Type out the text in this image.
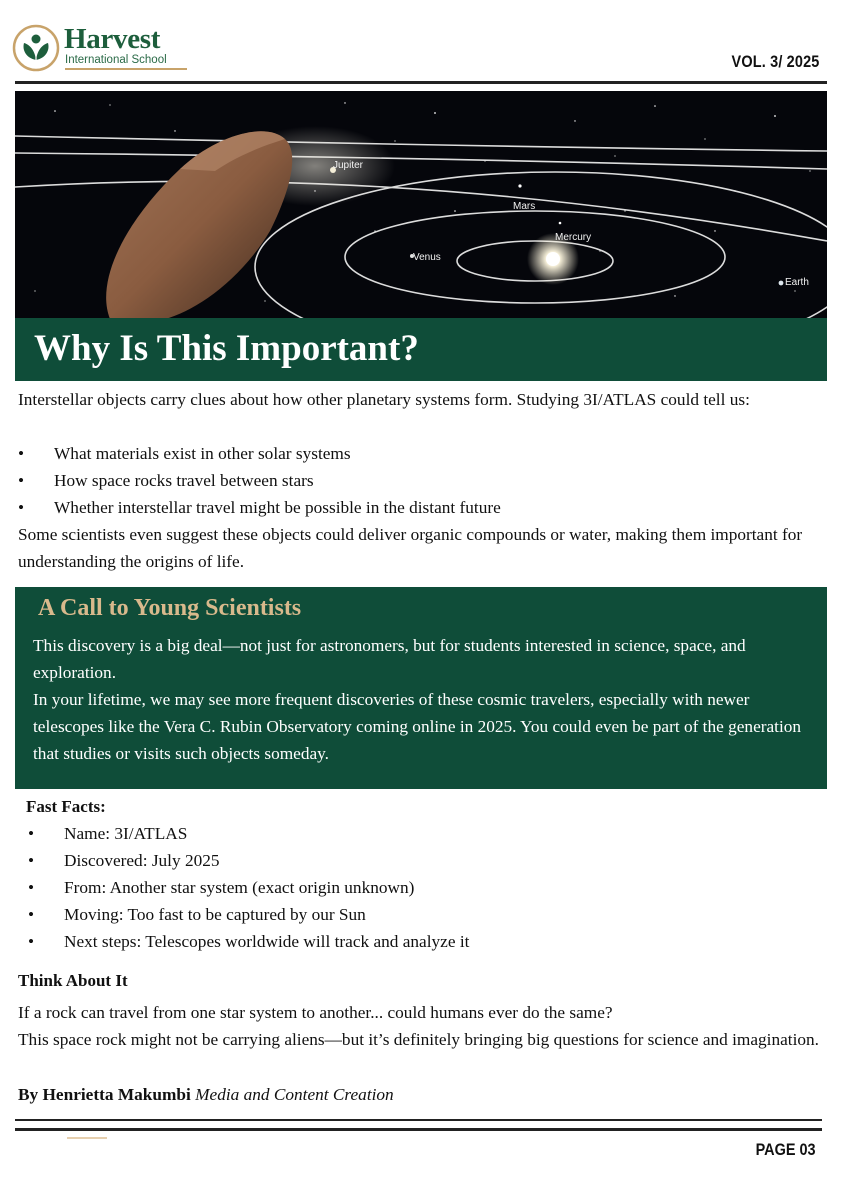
Harvest
International School	VOL. 3/ 2025
Jupiter
Mars
Mercury
Venus
Earth
Why Is This Important?
Interstellar objects carry clues about how other planetary systems form. Studying 3I/ATLAS could tell us:
• What materials exist in other solar systems
• How space rocks travel between stars
• Whether interstellar travel might be possible in the distant future
Some scientists even suggest these objects could deliver organic compounds or water, making them important for understanding the origins of life.
A Call to Young Scientists
This discovery is a big deal—not just for astronomers, but for students interested in science, space, and exploration.
In your lifetime, we may see more frequent discoveries of these cosmic travelers, especially with newer telescopes like the Vera C. Rubin Observatory coming online in 2025. You could even be part of the generation that studies or visits such objects someday.
Fast Facts:
• Name: 3I/ATLAS
• Discovered: July 2025
• From: Another star system (exact origin unknown)
• Moving: Too fast to be captured by our Sun
• Next steps: Telescopes worldwide will track and analyze it
Think About It
If a rock can travel from one star system to another... could humans ever do the same?
This space rock might not be carrying aliens—but it’s definitely bringing big questions for science and imagination.
By Henrietta Makumbi Media and Content Creation
PAGE 03
